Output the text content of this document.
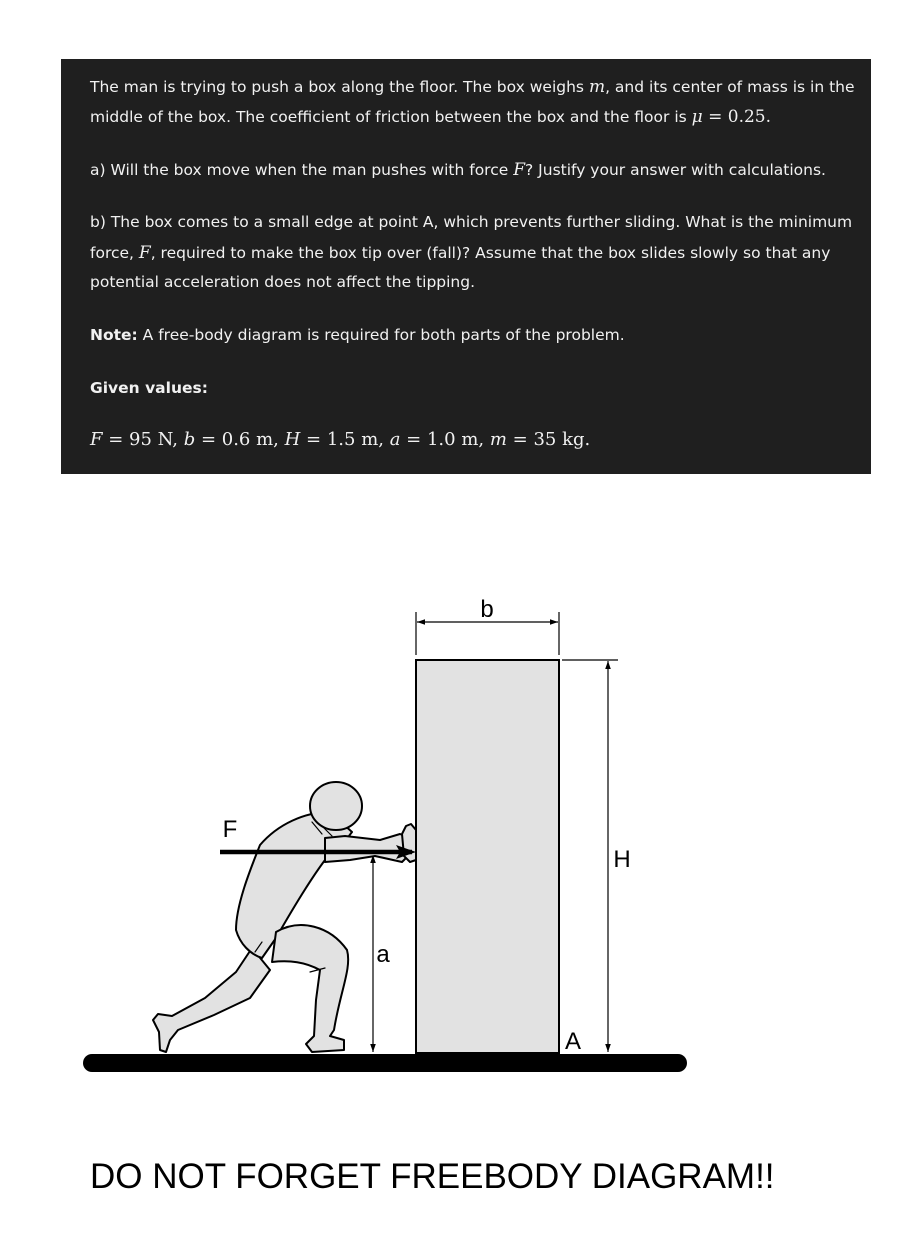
The man is trying to push a box along the floor. The box weighs m, and its center of mass is in the

middle of the box. The coefficient of friction between the box and the floor is μ = 0.25.

a) Will the box move when the man pushes with force F? Justify your answer with calculations.

b) The box comes to a small edge at point A, which prevents further sliding. What is the minimum

force, F, required to make the box tip over (fall)? Assume that the box slides slowly so that any

potential acceleration does not affect the tipping.

Note: A free-body diagram is required for both parts of the problem.

Given values:

F = 95 N, b = 0.6 m, H = 1.5 m, a = 1.0 m, m = 35 kg.

b
H
a
A
F

DO NOT FORGET FREEBODY DIAGRAM!!
